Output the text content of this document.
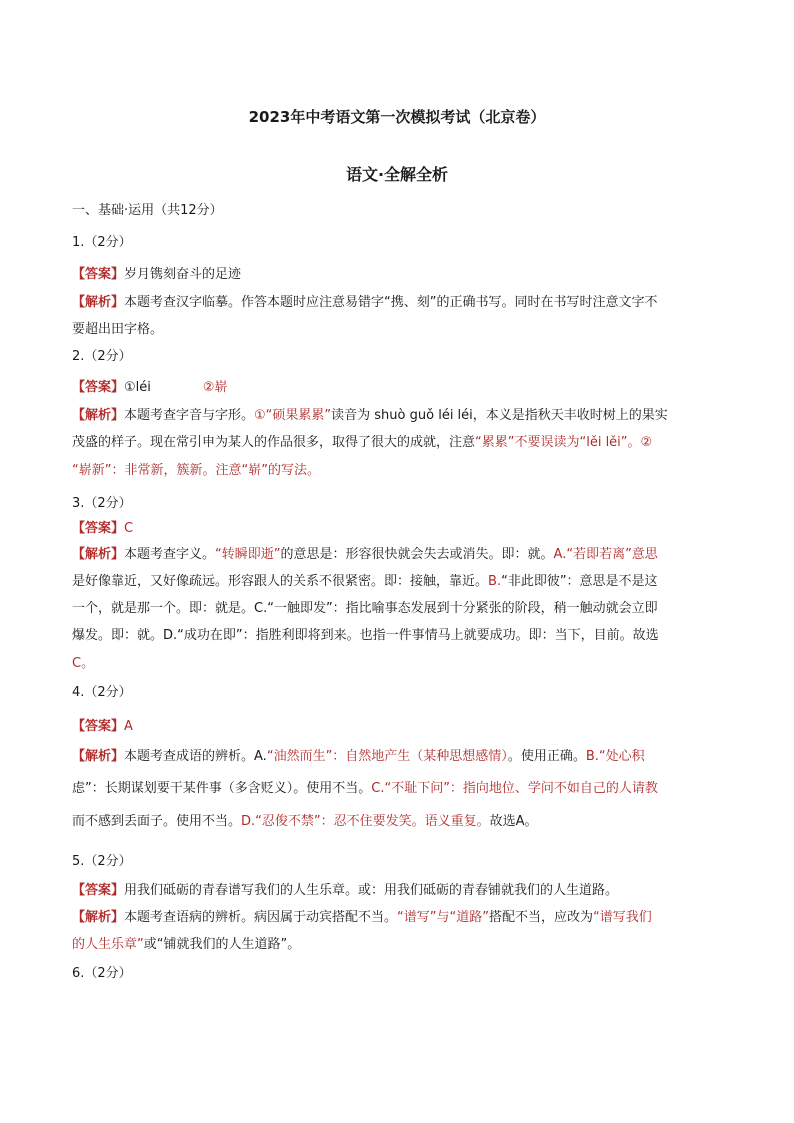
2023年中考语文第一次模拟考试（北京卷）
语文·全解全析
一、基础·运用（共12分）
1.（2分）
【答案】岁月镌刻奋斗的足迹
【解析】本题考查汉字临摹。作答本题时应注意易错字“携、刻”的正确书写。同时在书写时注意文字不
要超出田字格。
2.（2分）
【答案】①léi	②崭
【解析】本题考查字音与字形。①“硕果累累”读音为 shuò guǒ léi léi，本义是指秋天丰收时树上的果实
茂盛的样子。现在常引申为某人的作品很多，取得了很大的成就，注意“累累”不要误读为“lěi lěi”。②
“崭新”：非常新，簇新。注意“崭”的写法。
3.（2分）
【答案】C
【解析】本题考查字义。“转瞬即逝”的意思是：形容很快就会失去或消失。即：就。A.“若即若离”意思
是好像靠近，又好像疏远。形容跟人的关系不很紧密。即：接触，靠近。B.“非此即彼”：意思是不是这
一个，就是那一个。即：就是。C.“一触即发”：指比喻事态发展到十分紧张的阶段，稍一触动就会立即
爆发。即：就。D.“成功在即”：指胜利即将到来。也指一件事情马上就要成功。即：当下，目前。故选
C。
4.（2分）
【答案】A
【解析】本题考查成语的辨析。A.“油然而生”：自然地产生（某种思想感情）。使用正确。B.“处心积
虑”：长期谋划要干某件事（多含贬义）。使用不当。C.“不耻下问”：指向地位、学问不如自己的人请教
而不感到丢面子。使用不当。D.“忍俊不禁”：忍不住要发笑。语义重复。故选A。
5.（2分）
【答案】用我们砥砺的青春谱写我们的人生乐章。或：用我们砥砺的青春铺就我们的人生道路。
【解析】本题考查语病的辨析。病因属于动宾搭配不当。“谱写”与“道路”搭配不当，应改为“谱写我们
的人生乐章”或“铺就我们的人生道路”。
6.（2分）
